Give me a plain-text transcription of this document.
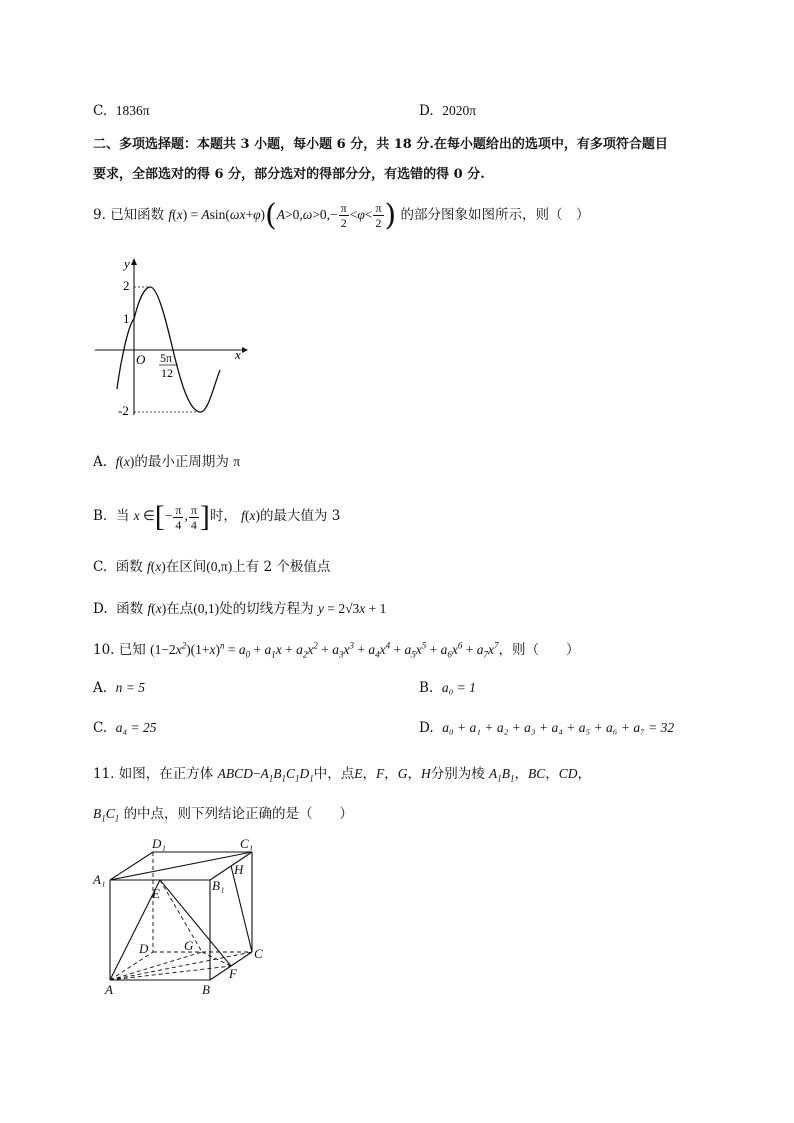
C. 1836π	D. 2020π
二、多项选择题：本题共 3 小题，每小题 6 分，共 18 分.在每小题给出的选项中，有多项符合题目
要求，全部选对的得 6 分，部分选对的得部分分，有选错的得 0 分.
9. 已知函数 $f(x) = Asin(\omega x+\varphi)(A>0,\omega>0,- \frac{\pi}{2} <\varphi< \frac{\pi}{2}$ ) 的部分图象如图所示，则（　）
y
x
O
2
1
-2
5π
12
A. f(x)的最小正周期为 π
B. 当 x ∈[− $\frac{\pi}{4}$ , $\frac{\pi}{4}$ ]时， f(x)的最大值为 3
C. 函数 f(x)在区间(0,π)上有 2 个极值点
D. 函数 f(x)在点(0,1)处的切线方程为 y = 2√3x + 1
10. 已知 $(1-2x^2)(1+x)^n = a_0 + a_1x + a_2x^2 + a_3x^3 + a_4x^4 + a_5x^5 + a_6x^6 + a_7x^7$，则（　　）
A. n = 5	B. a₀ = 1
C. a₄ = 25	D. a₀ + a₁ + a₂ + a₃ + a₄ + a₅ + a₆ + a₇ = 32
11. 如图，在正方体 $ABCD-A_1B_1C_1D_1$中，点E，F，G，H分别为棱 $A_1B_1$，BC，CD，
$B_1C_1$ 的中点，则下列结论正确的是（　　）
D₁	C₁
A₁	B₁
H
E
D	G
C
F
A	B
